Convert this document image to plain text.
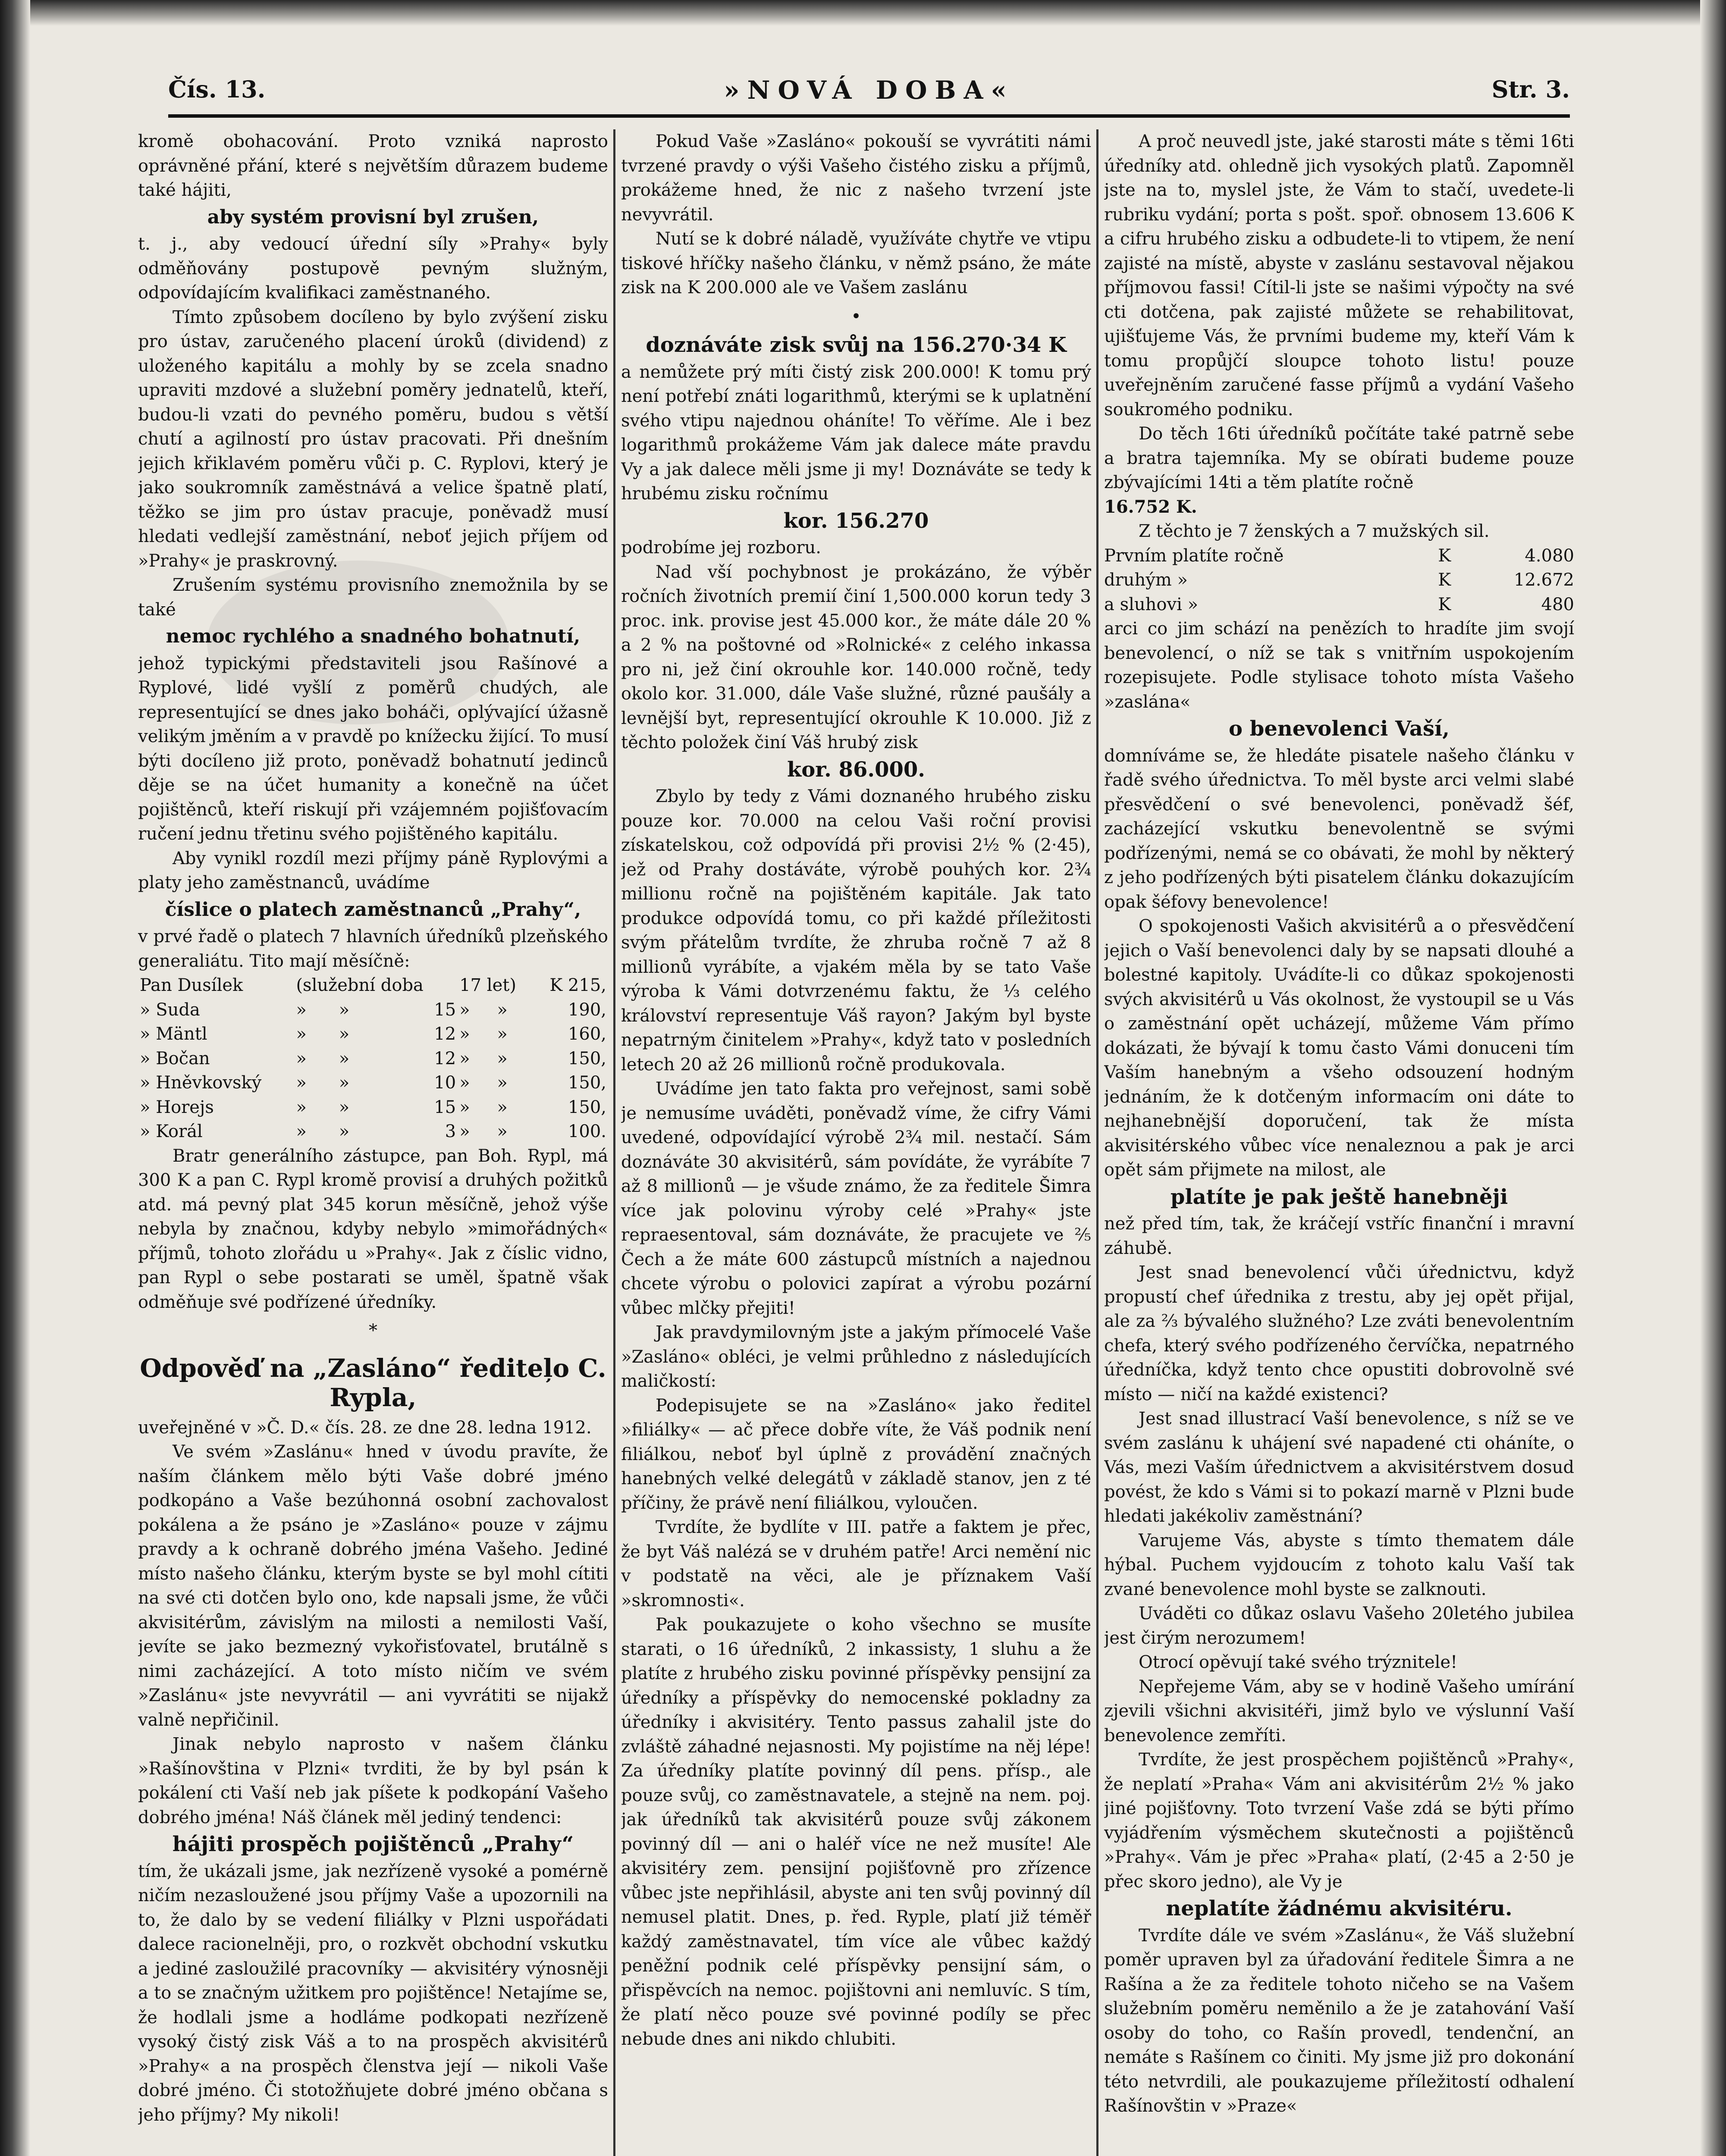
»NOVÁ DOBA«
Čís. 13.	Str. 3.

kromě obohacování. Proto vzniká naprosto oprávněné přání, které s největším důrazem budeme také hájiti,

aby systém provisní byl zrušen,

t. j., aby vedoucí úřední síly »Prahy« byly odměňovány postupově pevným služným, odpovídajícím kvalifikaci zaměstnaného.

Tímto způsobem docíleno by bylo zvýšení zisku pro ústav, zaručeného placení úroků (dividend) z uloženého kapitálu a mohly by se zcela snadno upraviti mzdové a služební poměry jednatelů, kteří, budou-li vzati do pevného poměru, budou s větší chutí a agilností pro ústav pracovati. Při dnešním jejich křiklavém poměru vůči p. C. Ryplovi, který je jako soukromník zaměstnává a velice špatně platí, těžko se jim pro ústav pracuje, poněvadž musí hledati vedlejší zaměstnání, neboť jejich příjem od »Prahy« je praskrovný.

Zrušením systému provisního znemožnila by se také

nemoc rychlého a snadného bohatnutí,

jehož typickými představiteli jsou Rašínové a Ryplové, lidé vyšlí z poměrů chudých, ale representující se dnes jako boháči, oplývající úžasně velikým jměním a v pravdě po knížecku žijící. To musí býti docíleno již proto, poněvadž bohatnutí jedinců děje se na účet humanity a konečně na účet pojištěnců, kteří riskují při vzájemném pojišťovacím ručení jednu třetinu svého pojištěného kapitálu.

Aby vynikl rozdíl mezi příjmy páně Ryplovými a platy jeho zaměstnanců, uvádíme

číslice o platech zaměstnanců „Prahy“,

v prvé řadě o platech 7 hlavních úředníků plzeňského generaliátu. Tito mají měsíčně:

Pan Dusílek	(služební doba			17 let)		K 215,
» Suda	»	»	15	»	»	190,
» Mäntl	»	»	12	»	»	160,
» Bočan	»	»	12	»	»	150,
» Hněvkovský	»	»	10	»	»	150,
» Horejs	»	»	15	»	»	150,
» Korál	»	»	3	»	»	100.

Bratr generálního zástupce, pan Boh. Rypl, má 300 K a pan C. Rypl kromě provisí a druhých požitků atd. má pevný plat 345 korun měsíčně, jehož výše nebyla by značnou, kdyby nebylo »mimořádných« příjmů, tohoto zlořádu u »Prahy«. Jak z čísliс vidno, pan Rypl o sebe postarati se uměl, špatně však odměňuje své podřízené úředníky.

*
Odpověď na „Zasláno“ řediteļo C. Rypla,

uveřejněné v »Č. D.« čís. 28. ze dne 28. ledna 1912.

Ve svém »Zaslánu« hned v úvodu pravíte, že naším článkem mělo býti Vaše dobré jméno podkopáno a Vaše bezúhonná osobní zachovalost pokálena a že psáno je »Zasláno« pouze v zájmu pravdy a k ochraně dobrého jména Vašeho. Jediné místo našeho článku, kterým byste se byl mohl cítiti na své cti dotčen bylo ono, kde napsali jsme, že vůči akvisitérům, závislým na milosti a nemilosti Vaší, jevíte se jako bezmezný vykořisťovatel, brutálně s nimi zacházející. A toto místo ničím ve svém »Zaslánu« jste nevyvrátil — ani vyvrátiti se nijakž valně nepřičinil.

Jinak nebylo naprosto v našem článku »Rašínovština v Plzni« tvrditi, že by byl psán k pokálení cti Vaší neb jak píšete k podkopání Vašeho dobrého jména! Náš článek měl jediný tendenci:

hájiti prospěch pojištěnců „Prahy“

tím, že ukázali jsme, jak nezřízeně vysoké a pomérně ničím nezasloužené jsou příjmy Vaše a upozornili na to, že dalo by se vedení filiálky v Plzni uspořádati dalece racionelněji, pro, o rozkvět obchodní vskutku a jediné zasloužilé pracovníky — akvisitéry výnosněji a to se značným užitkem pro pojištěnce! Netajíme se, že hodlali jsme a hodláme podkopati nezřízeně vysoký čistý zisk Váš a to na prospěch akvisitérů »Prahy« a na prospěch členstva její — nikoli Vaše dobré jméno. Či stotožňujete dobré jméno občana s jeho příjmy? My nikoli!

Pokud Vaše »Zasláno« pokouší se vyvrátiti námi tvrzené pravdy o výši Vašeho čistého zisku a příjmů, prokážeme hned, že nic z našeho tvrzení jste nevyvrátil.

Nutí se k dobré náladě, využíváte chytře ve vtipu tiskové hříčky našeho článku, v němž psáno, že máte zisk na K 200.000 ale ve Vašem zaslánu

•
doznáváte zisk svůj na 156.270·34 K

a nemůžete prý míti čistý zisk 200.000! K tomu prý není potřebí znáti logarithmů, kterými se k uplatnění svého vtipu najednou oháníte! To věříme. Ale i bez logarithmů prokážeme Vám jak dalece máte pravdu Vy a jak dalece měli jsme ji my! Doznáváte se tedy k hrubému zisku ročnímu

kor. 156.270

podrobíme jej rozboru.

Nad vší pochybnost je prokázáno, že výběr ročních životních premií činí 1,500.000 korun tedy 3 proc. ink. provise jest 45.000 kor., že máte dále 20 % a 2 % na poštovné od »Rolnické« z celého inkassa pro ni, jež činí okrouhle kor. 140.000 ročně, tedy okolo kor. 31.000, dále Vaše služné, různé paušály a levnější byt, representující okrouhle K 10.000. Již z těchto položek činí Váš hrubý zisk

kor. 86.000.

Zbylo by tedy z Vámi doznaného hrubého zisku pouze kor. 70.000 na celou Vaši roční provisi získatelskou, což odpovídá při provisi 2½ % (2·45), jež od Prahy dostáváte, výrobě pouhých kor. 2¾ millionu ročně na pojištěném kapitále. Jak tato produkce odpovídá tomu, co při každé příležitosti svým přátelům tvrdíte, že zhruba ročně 7 až 8 millionů vyrábíte, a vjakém měla by se tato Vaše výroba k Vámi dotvrzenému faktu, že ⅓ celého království representuje Váš rayon? Jakým byl byste nepatrným činitelem »Prahy«, když tato v posledních letech 20 až 26 millionů ročně produkovala.

Uvádíme jen tato fakta pro veřejnost, sami sobě je nemusíme uváděti, poněvadž víme, že cifry Vámi uvedené, odpovídající výrobě 2¾ mil. nestačí. Sám doznáváte 30 akvisitérů, sám povídáte, že vyrábíte 7 až 8 millionů — je všude známo, že za ředitele Šimra více jak polovinu výroby celé »Prahy« jste repraesentoval, sám doznáváte, že pracujete ve ⅖ Čech a že máte 600 zástupců místních a najednou chcete výrobu o polovici zapírat a výrobu pozární vůbec mlčky přejiti!

Jak pravdymilovným jste a jakým přímocelé Vaše »Zasláno« obléci, je velmi průhledno z následujících maličkostí:

Podepisujete se na »Zasláno« jako ředitel »filiálky« — ač přece dobře víte, že Váš podnik není filiálkou, neboť byl úplně z provádění značných hanebných velké delegátů v základě stanov, jen z té příčiny, že právě není filiálkou, vyloučen.

Tvrdíte, že bydlíte v III. patře a faktem je přec, že byt Váš nalézá se v druhém patře! Arci nemění nic v podstatě na věci, ale je příznakem Vaší »skromnosti«.

Pak poukazujete o koho všechno se musíte starati, o 16 úředníků, 2 inkassisty, 1 sluhu a že platíte z hrubého zisku povinné příspěvky pensijní za úředníky a příspěvky do nemocenské pokladny za úředníky i akvisitéry. Tento passus zahalil jste do zvláště záhadné nejasnosti. My pojistíme na něj lépe! Za úředníky platíte povinný díl pens. přísp., ale pouze svůj, co zaměstnavatele, a stejně na nem. poj. jak úředníků tak akvisitérů pouze svůj zákonem povinný díl — ani o haléř více ne než musíte! Ale akvisitéry zem. pensijní pojišťovně pro zřízence vůbec jste nepřihlásil, abyste ani ten svůj povinný díl nemusel platit. Dnes, p. řed. Ryple, platí již téměř každý zaměstnavatel, tím více ale vůbec každý peněžní podnik celé příspěvky pensijní sám, o přispěvcích na nemoc. pojištovni ani nemluvíc. S tím, že platí něco pouze své povinné podíly se přec nebude dnes ani nikdo chlubiti.

A proč neuvedl jste, jaké starosti máte s těmi 16ti úředníky atd. ohledně jich vysokých platů. Zapomněl jste na to, myslel jste, že Vám to stačí, uvedete-li rubriku vydání; porta s pošt. spoř. obnosem 13.606 K a cifru hrubého zisku a odbudete-li to vtipem, že není zajisté na místě, abyste v zaslánu sestavoval nějakou příjmovou fassi! Cítil-li jste se našimi výpočty na své cti dotčena, pak zajisté můžete se rehabilitovat, ujišťujeme Vás, že prvními budeme my, kteří Vám k tomu propůjčí sloupce tohoto listu! pouze uveřejněním zaručené fasse příjmů a vydání Vašeho soukromého podniku.

Do těch 16ti úředníků počítáte také patrně sebe a bratra tajemníka. My se obírati budeme pouze zbývajícími 14ti a těm platíte ročně

16.752 K.

Z těchto je 7 ženských a 7 mužských sil.

Prvním platíte ročně	K	4.080
druhým »	K	12.672
a sluhovi »	K	480

arci co jim schází na penězích to hradíte jim svojí benevolencí, o níž se tak s vnitřním uspokojením rozepisujete. Podle stylisace tohoto místa Vašeho »zaslána«

o benevolenci Vaší,

domníváme se, že hledáte pisatele našeho článku v řadě svého úřednictva. To měl byste arci velmi slabé přesvědčení o své benevolenci, poněvadž šéf, zacházející vskutku benevolentně se svými podřízenými, nemá se co obávati, že mohl by některý z jeho podřízených býti pisatelem článku dokazujícím opak šéfovy benevolence!

O spokojenosti Vašich akvisitérů a o přesvědčení jejich o Vaší benevolenci daly by se napsati dlouhé a bolestné kapitoly. Uvádíte-li co důkaz spokojenosti svých akvisitérů u Vás okolnost, že vystoupil se u Vás o zaměstnání opět ucházejí, můžeme Vám přímo dokázati, že bývají k tomu často Vámi donuceni tím Vaším hanebným a všeho odsouzení hodným jednáním, že k dotčeným informacím oni dáte to nejhanebnější doporučení, tak že místa akvisitérského vůbec více nenaleznou a pak je arci opět sám přijmete na milost, ale

platíte je pak ještě hanebněji

než před tím, tak, že kráčejí vstříc finanční i mravní záhubě.

Jest snad benevolencí vůči úřednictvu, když propustí chef úřednika z trestu, aby jej opět přijal, ale za ⅔ bývalého služného? Lze zváti benevolentním chefa, který svého podřízeného červíčka, nepatrného úředníčka, když tento chce opustiti dobrovolně své místo — ničí na každé existenci?

Jest snad illustrací Vaší benevolence, s níž se ve svém zaslánu k uhájení své napadené cti oháníte, o Vás, mezi Vaším úřednictvem a akvisitérstvem dosud povést, že kdo s Vámi si to pokazí marně v Plzni bude hledati jakékoliv zaměstnání?

Varujeme Vás, abyste s tímto thematem dále hýbal. Puchem vyjdoucím z tohoto kalu Vaší tak zvané benevolence mohl byste se zalknouti.

Uváděti co důkaz oslavu Vašeho 20letého jubilea jest čirým nerozumem!

Otrocí opěvují také svého trýznitele!

Nepřejeme Vám, aby se v hodině Vašeho umírání zjevili všichni akvisitéři, jimž bylo ve výslunní Vaší benevolence zemříti.

Tvrdíte, že jest prospěchem pojištěnců »Prahy«, že neplatí »Praha« Vám ani akvisitérům 2½ % jako jiné pojišťovny. Toto tvrzení Vaše zdá se býti přímo vyjádřením výsměchem skutečnosti a pojištěnců »Prahy«. Vám je přec »Praha« platí, (2·45 a 2·50 je přec skoro jedno), ale Vy je

neplatíte žádnému akvisitéru.

Tvrdíte dále ve svém »Zaslánu«, že Váš služební poměr upraven byl za úřadování ředitele Šimra a ne Rašína a že za ředitele tohoto ničeho se na Vašem služebním poměru neměnilo a že je zatahování Vaší osoby do toho, co Rašín provedl, tendenční, an nemáte s Rašínem co činiti. My jsme již pro dokonání této netvrdili, ale poukazujeme příležitostí odhalení Rašínovštin v »Praze«
